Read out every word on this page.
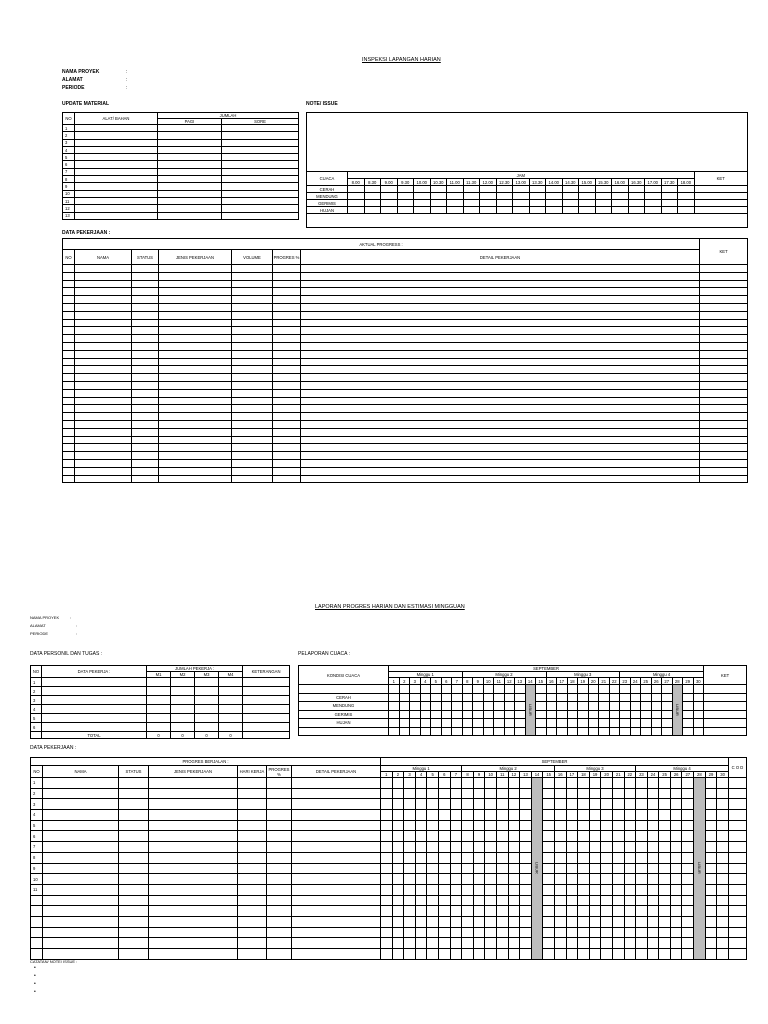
INSPEKSI LAPANGAN HARIAN
NAMA PROYEK	:
ALAMAT	:
PERIODE	:
UPDATE MATERIAL	NOTE/ ISSUE
NO	ALAT/ BAHAN	JUMLAH	
		PAGI	SORE
1			
2			
3			
4			
5			
6			
7			
8			
9			
10			
11			
12			
13			
CUACA	JAM																					KET
	8.00	8.30	9.00	9.30	10.00	10.30	11.00	11.30	12.00	12.30	13.00	13.30	14.00	14.30	15.00	15.30	16.00	16.30	17.00	17.30	18.00	
CERAH																						
MENDUNG																						
GERIMIS																						
HUJAN																						
DATA PEKERJAAN :
AKTUAL PROGRESS :							KET
NO	NAMA	STATUS	JENIS PEKERJAAN	VOLUME	PROGRES %	DETAIL PEKERJAAN	

LAPORAN PROGRES HARIAN DAN ESTIMASI MINGGUAN
NAMA PROYEK	:
ALAMAT	:
PERIODE	:
DATA PERSONIL DAN TUGAS :	PELAPORAN CUACA :
NO	DATA PEKERJA :	JUMLAH PEKERJA :				KETERANGAN
		M1	M2	M3	M4	
1						
2						
3						
4						
5						
6						
	TOTAL	0	0	0	0	
KONDISI CUACA	SEPTEMBER																														KET
	Minggu 1							Minggu 2								Minggu 3							Minggu 4								
	1	2	3	4	5	6	7	8	9	10	11	12	13	14	15	16	17	18	19	20	21	22	23	24	25	26	27	28	29	30	
														LIBUR														LIBUR			
CERAH																															
MENDUNG																															
GERIMIS																															
HUJAN																															

DATA PEKERJAAN :
PROGRES BERJALAN :							SEPTEMBER																														C O D
NO	NAMA	STATUS	JENIS PEKERJAAN	HARI KERJA	PROGRES %	DETAIL PEKERJAAN	Minggu 1							Minggu 2								Minggu 3							Minggu 4								
							1	2	3	4	5	6	7	8	9	10	11	12	13	14	15	16	17	18	19	20	21	22	23	24	25	26	27	28	29	30	
1																				LIBUR														LIBUR			
2																																					
3																																					
4																																					
5																																					
6																																					
7																																					
8																																					
9																																					
10																																					
11																																					

CATATAN/ NOTE/ ISSUE :
•
•
•
•
